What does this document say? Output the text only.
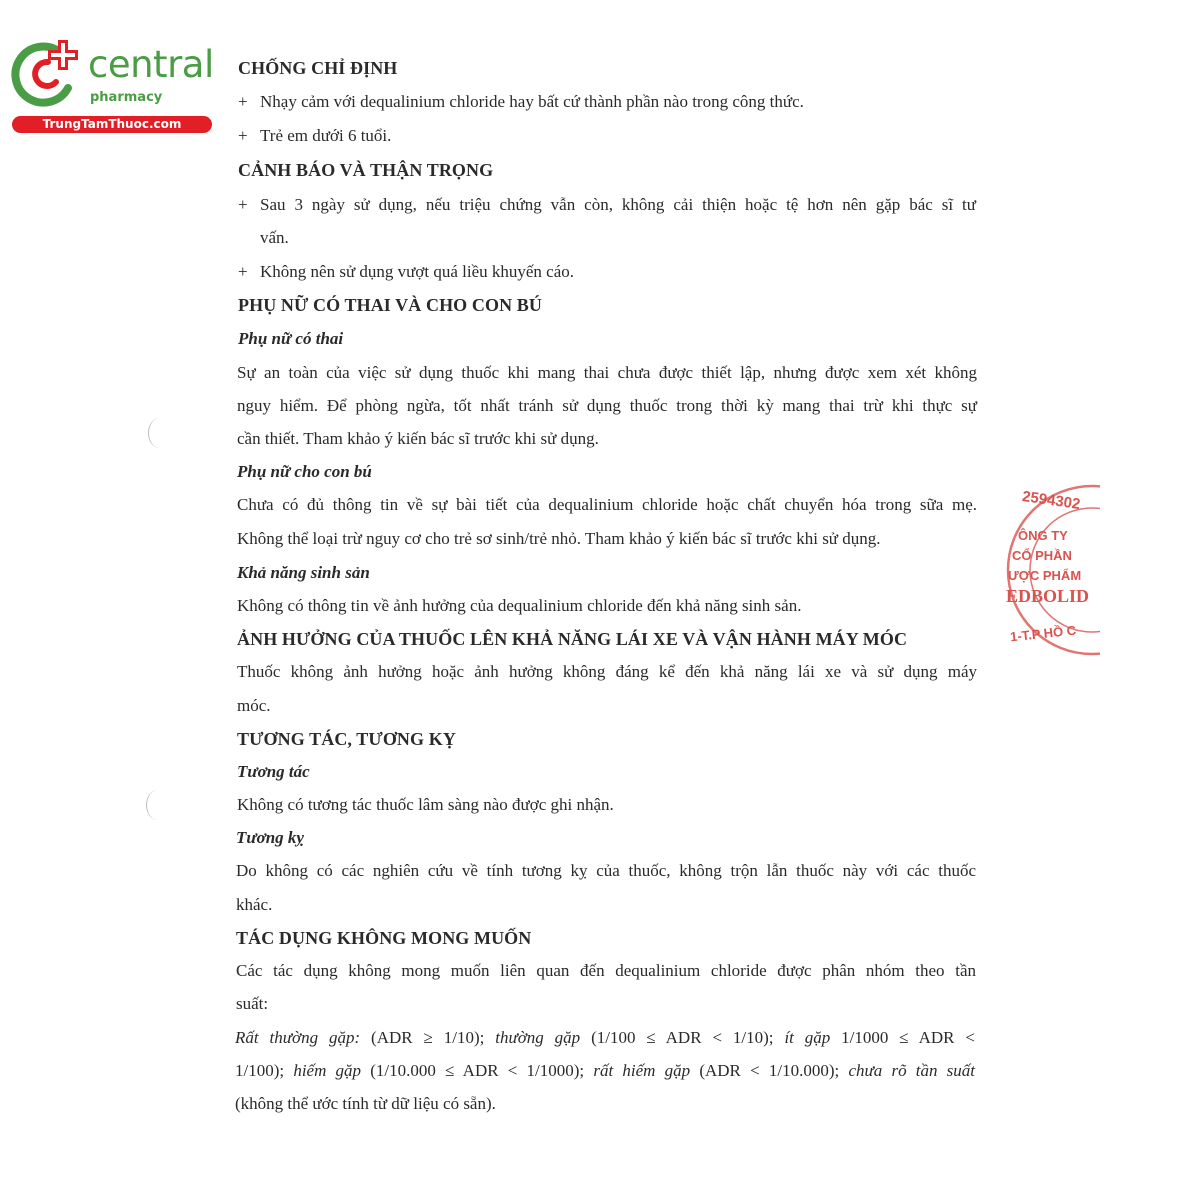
central
pharmacy
TrungTamThuoc.com
CHỐNG CHỈ ĐỊNH
+ Nhạy cảm với dequalinium chloride hay bất cứ thành phần nào trong công thức.
+ Trẻ em dưới 6 tuổi.
CẢNH BÁO VÀ THẬN TRỌNG
+ Sau 3 ngày sử dụng, nếu triệu chứng vẫn còn, không cải thiện hoặc tệ hơn nên gặp bác sĩ tư
vấn.
+ Không nên sử dụng vượt quá liều khuyến cáo.
PHỤ NỮ CÓ THAI VÀ CHO CON BÚ
Phụ nữ có thai
Sự an toàn của việc sử dụng thuốc khi mang thai chưa được thiết lập, nhưng được xem xét không
nguy hiểm. Để phòng ngừa, tốt nhất tránh sử dụng thuốc trong thời kỳ mang thai trừ khi thực sự
cần thiết. Tham khảo ý kiến bác sĩ trước khi sử dụng.
Phụ nữ cho con bú
Chưa có đủ thông tin về sự bài tiết của dequalinium chloride hoặc chất chuyển hóa trong sữa mẹ.
Không thể loại trừ nguy cơ cho trẻ sơ sinh/trẻ nhỏ. Tham khảo ý kiến bác sĩ trước khi sử dụng.
Khả năng sinh sản
Không có thông tin về ảnh hưởng của dequalinium chloride đến khả năng sinh sản.
ẢNH HƯỞNG CỦA THUỐC LÊN KHẢ NĂNG LÁI XE VÀ VẬN HÀNH MÁY MÓC
Thuốc không ảnh hưởng hoặc ảnh hưởng không đáng kể đến khả năng lái xe và sử dụng máy
móc.
TƯƠNG TÁC, TƯƠNG KỴ
Tương tác
Không có tương tác thuốc lâm sàng nào được ghi nhận.
Tương kỵ
Do không có các nghiên cứu về tính tương kỵ của thuốc, không trộn lẫn thuốc này với các thuốc
khác.
TÁC DỤNG KHÔNG MONG MUỐN
Các tác dụng không mong muốn liên quan đến dequalinium chloride được phân nhóm theo tần
suất:
Rất thường gặp: (ADR ≥ 1/10); thường gặp (1/100 ≤ ADR < 1/10); ít gặp 1/1000 ≤ ADR <
1/100); hiếm gặp (1/10.000 ≤ ADR < 1/1000); rất hiếm gặp (ADR < 1/10.000); chưa rõ tần suất
(không thể ước tính từ dữ liệu có sẵn).
2594302
ÔNG TY
CỔ PHẦN
ƯỢC PHẨM
EDBOLID
1-T.P HỒ C
